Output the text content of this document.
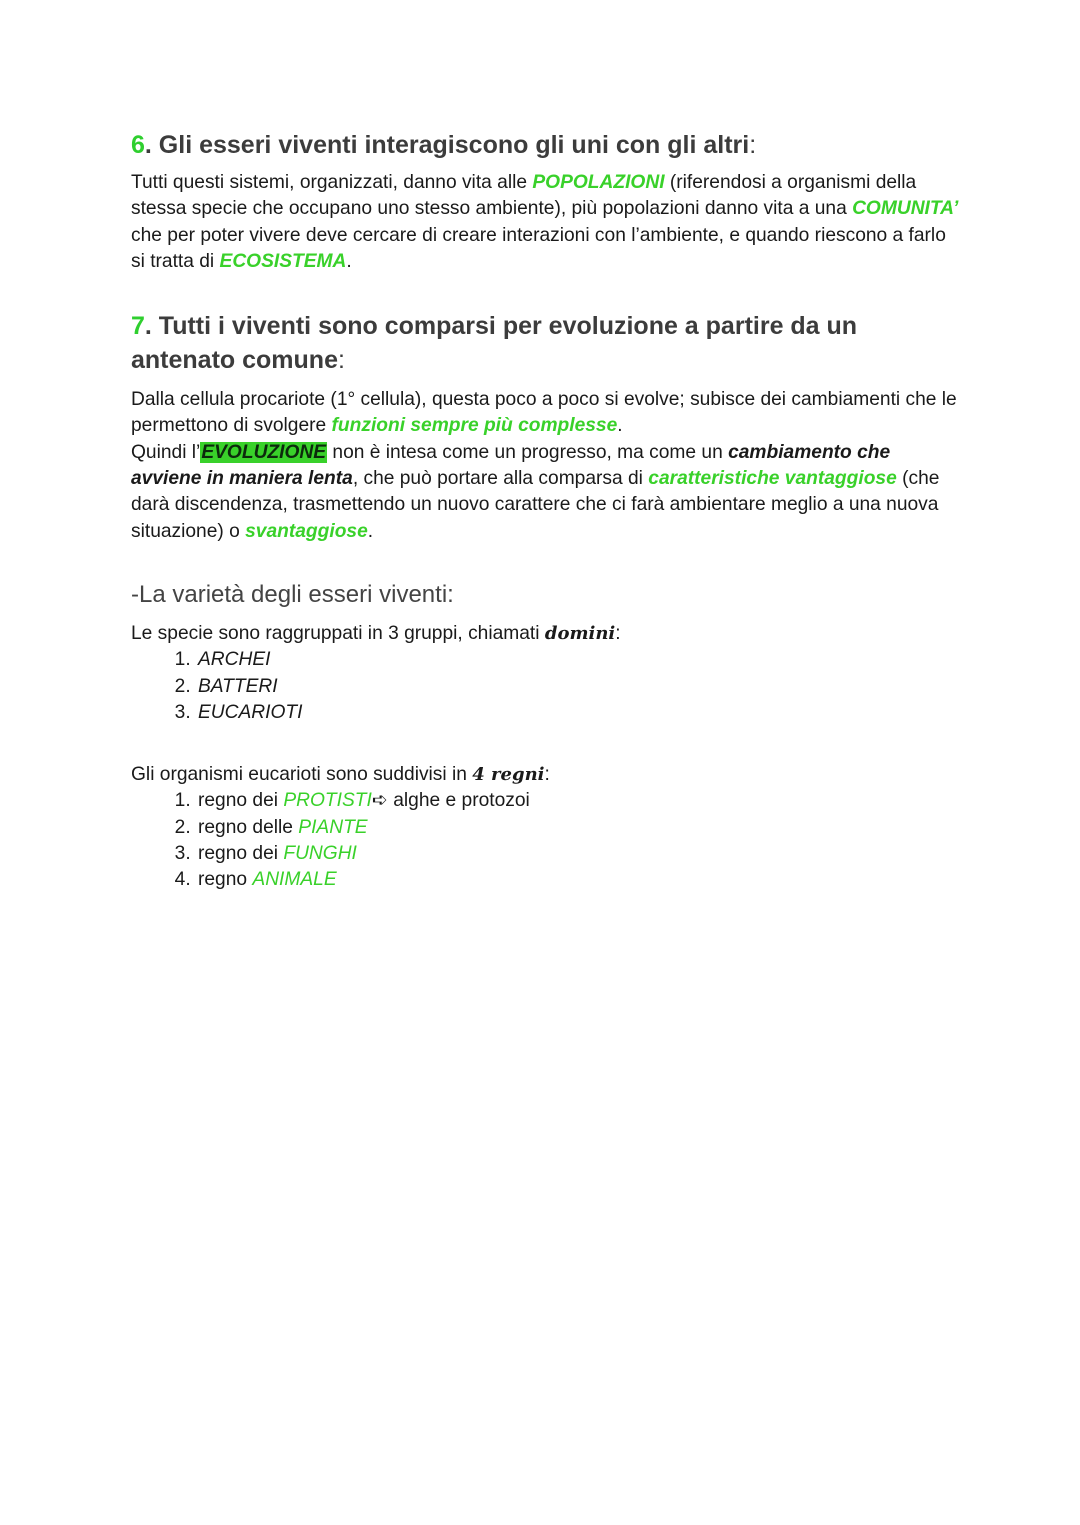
6. Gli esseri viventi interagiscono gli uni con gli altri:

Tutti questi sistemi, organizzati, danno vita alle POPOLAZIONI (riferendosi a organismi della stessa specie che occupano uno stesso ambiente), più popolazioni danno vita a una COMUNITA’ che per poter vivere deve cercare di creare interazioni con l’ambiente, e quando riescono a farlo si tratta di ECOSISTEMA.

7. Tutti i viventi sono comparsi per evoluzione a partire da un antenato comune:

Dalla cellula procariote (1° cellula), questa poco a poco si evolve; subisce dei cambiamenti che le permettono di svolgere funzioni sempre più complesse.

Quindi l’EVOLUZIONE non è intesa come un progresso, ma come un cambiamento che avviene in maniera lenta, che può portare alla comparsa di caratteristiche vantaggiose (che darà discendenza, trasmettendo un nuovo carattere che ci farà ambientare meglio a una nuova situazione) o svantaggiose.

-La varietà degli esseri viventi:

Le specie sono raggruppati in 3 gruppi, chiamati domini:

1. ARCHEI
2. BATTERI
3. EUCARIOTI

Gli organismi eucarioti sono suddivisi in 4 regni:

1. regno dei PROTISTI➪ alghe e protozoi
2. regno delle PIANTE
3. regno dei FUNGHI
4. regno ANIMALE
